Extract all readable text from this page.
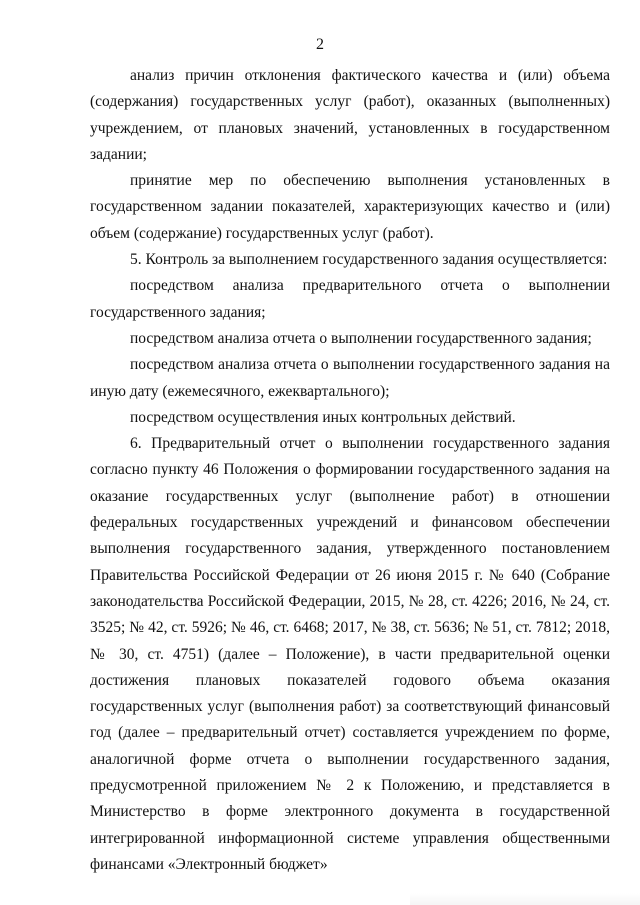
2

анализ причин отклонения фактического качества и (или) объема (содержания) государственных услуг (работ), оказанных (выполненных) учреждением, от плановых значений, установленных в государственном задании;

принятие мер по обеспечению выполнения установленных в государственном задании показателей, характеризующих качество и (или) объем (содержание) государственных услуг (работ).

5. Контроль за выполнением государственного задания осуществляется:

посредством анализа предварительного отчета о выполнении государственного задания;

посредством анализа отчета о выполнении государственного задания;

посредством анализа отчета о выполнении государственного задания на иную дату (ежемесячного, ежеквартального);

посредством осуществления иных контрольных действий.

6. Предварительный отчет о выполнении государственного задания согласно пункту 46 Положения о формировании государственного задания на оказание государственных услуг (выполнение работ) в отношении федеральных государственных учреждений и финансовом обеспечении выполнения государственного задания, утвержденного постановлением Правительства Российской Федерации от 26 июня 2015 г. № 640 (Собрание законодательства Российской Федерации, 2015, № 28, ст. 4226; 2016, № 24, ст. 3525; № 42, ст. 5926; № 46, ст. 6468; 2017, № 38, ст. 5636; № 51, ст. 7812; 2018, № 30, ст. 4751) (далее – Положение), в части предварительной оценки достижения плановых показателей годового объема оказания государственных услуг (выполнения работ) за соответствующий финансовый год (далее – предварительный отчет) составляется учреждением по форме, аналогичной форме отчета о выполнении государственного задания, предусмотренной приложением № 2 к Положению, и представляется в Министерство в форме электронного документа в государственной интегрированной информационной системе управления общественными финансами «Электронный бюджет»
